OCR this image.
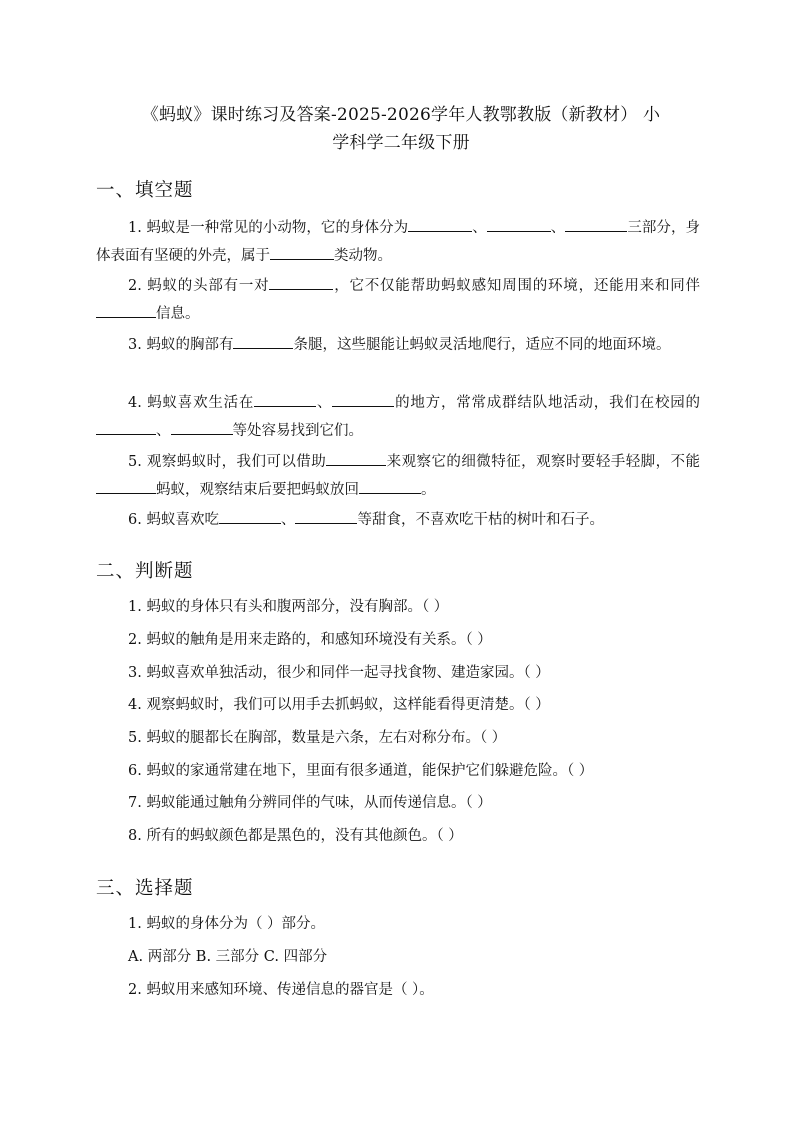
《蚂蚁》课时练习及答案-2025-2026学年人教鄂教版（新教材） 小
学科学二年级下册
一、填空题
1. 蚂蚁是一种常见的小动物，它的身体分为	、	、	三部分，身体表面有坚硬的外壳，属于	类动物。
2. 蚂蚁的头部有一对	，它不仅能帮助蚂蚁感知周围的环境，还能用来和同伴信息。
3. 蚂蚁的胸部有	条腿，这些腿能让蚂蚁灵活地爬行，适应不同的地面环境。
4. 蚂蚁喜欢生活在	、	的地方，常常成群结队地活动，我们在校园的、	等处容易找到它们。
5. 观察蚂蚁时，我们可以借助	来观察它的细微特征，观察时要轻手轻脚，不能蚂蚁，观察结束后要把蚂蚁放回	。
6. 蚂蚁喜欢吃	、	等甜食，不喜欢吃干枯的树叶和石子。
二、判断题
1. 蚂蚁的身体只有头和腹两部分，没有胸部。（ ）
2. 蚂蚁的触角是用来走路的，和感知环境没有关系。（ ）
3. 蚂蚁喜欢单独活动，很少和同伴一起寻找食物、建造家园。（ ）
4. 观察蚂蚁时，我们可以用手去抓蚂蚁，这样能看得更清楚。（ ）
5. 蚂蚁的腿都长在胸部，数量是六条，左右对称分布。（ ）
6. 蚂蚁的家通常建在地下，里面有很多通道，能保护它们躲避危险。（ ）
7. 蚂蚁能通过触角分辨同伴的气味，从而传递信息。（ ）
8. 所有的蚂蚁颜色都是黑色的，没有其他颜色。（ ）
三、选择题
1. 蚂蚁的身体分为（ ）部分。
A. 两部分 B. 三部分 C. 四部分
2. 蚂蚁用来感知环境、传递信息的器官是（ ）。
